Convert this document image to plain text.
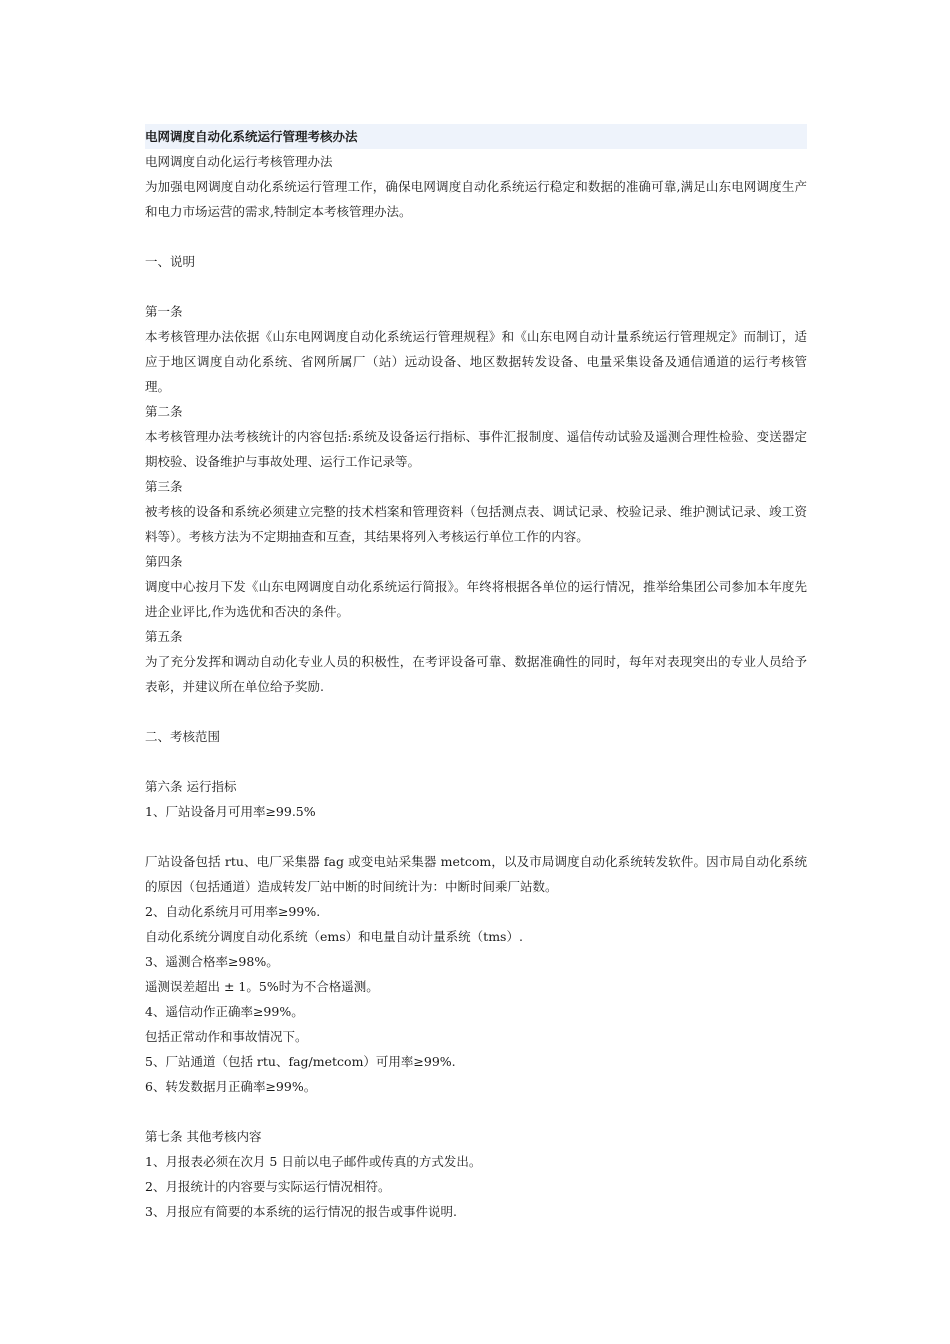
电网调度自动化系统运行管理考核办法
电网调度自动化运行考核管理办法
为加强电网调度自动化系统运行管理工作，确保电网调度自动化系统运行稳定和数据的准确可靠,满足山东电网调度生产和电力市场运营的需求,特制定本考核管理办法。
一、说明
第一条
本考核管理办法依据《山东电网调度自动化系统运行管理规程》和《山东电网自动计量系统运行管理规定》而制订，适应于地区调度自动化系统、省网所属厂（站）远动设备、地区数据转发设备、电量采集设备及通信通道的运行考核管理。
第二条
本考核管理办法考核统计的内容包括:系统及设备运行指标、事件汇报制度、遥信传动试验及遥测合理性检验、变送器定期校验、设备维护与事故处理、运行工作记录等。
第三条
被考核的设备和系统必须建立完整的技术档案和管理资料（包括测点表、调试记录、校验记录、维护测试记录、竣工资料等）。考核方法为不定期抽查和互查，其结果将列入考核运行单位工作的内容。
第四条
调度中心按月下发《山东电网调度自动化系统运行简报》。年终将根据各单位的运行情况，推举给集团公司参加本年度先进企业评比,作为选优和否决的条件。
第五条
为了充分发挥和调动自动化专业人员的积极性，在考评设备可靠、数据准确性的同时，每年对表现突出的专业人员给予表彰，并建议所在单位给予奖励.
二、考核范围
第六条 运行指标
1、厂站设备月可用率≥99.5%
厂站设备包括 rtu、电厂采集器 fag 或变电站采集器 metcom，以及市局调度自动化系统转发软件。因市局自动化系统的原因（包括通道）造成转发厂站中断的时间统计为：中断时间乘厂站数。
2、自动化系统月可用率≥99%.
自动化系统分调度自动化系统（ems）和电量自动计量系统（tms）.
3、遥测合格率≥98%。
遥测误差超出 ± 1。5%时为不合格遥测。
4、遥信动作正确率≥99%。
包括正常动作和事故情况下。
5、厂站通道（包括 rtu、fag/metcom）可用率≥99%.
6、转发数据月正确率≥99%。
第七条 其他考核内容
1、月报表必须在次月 5 日前以电子邮件或传真的方式发出。
2、月报统计的内容要与实际运行情况相符。
3、月报应有简要的本系统的运行情况的报告或事件说明.
